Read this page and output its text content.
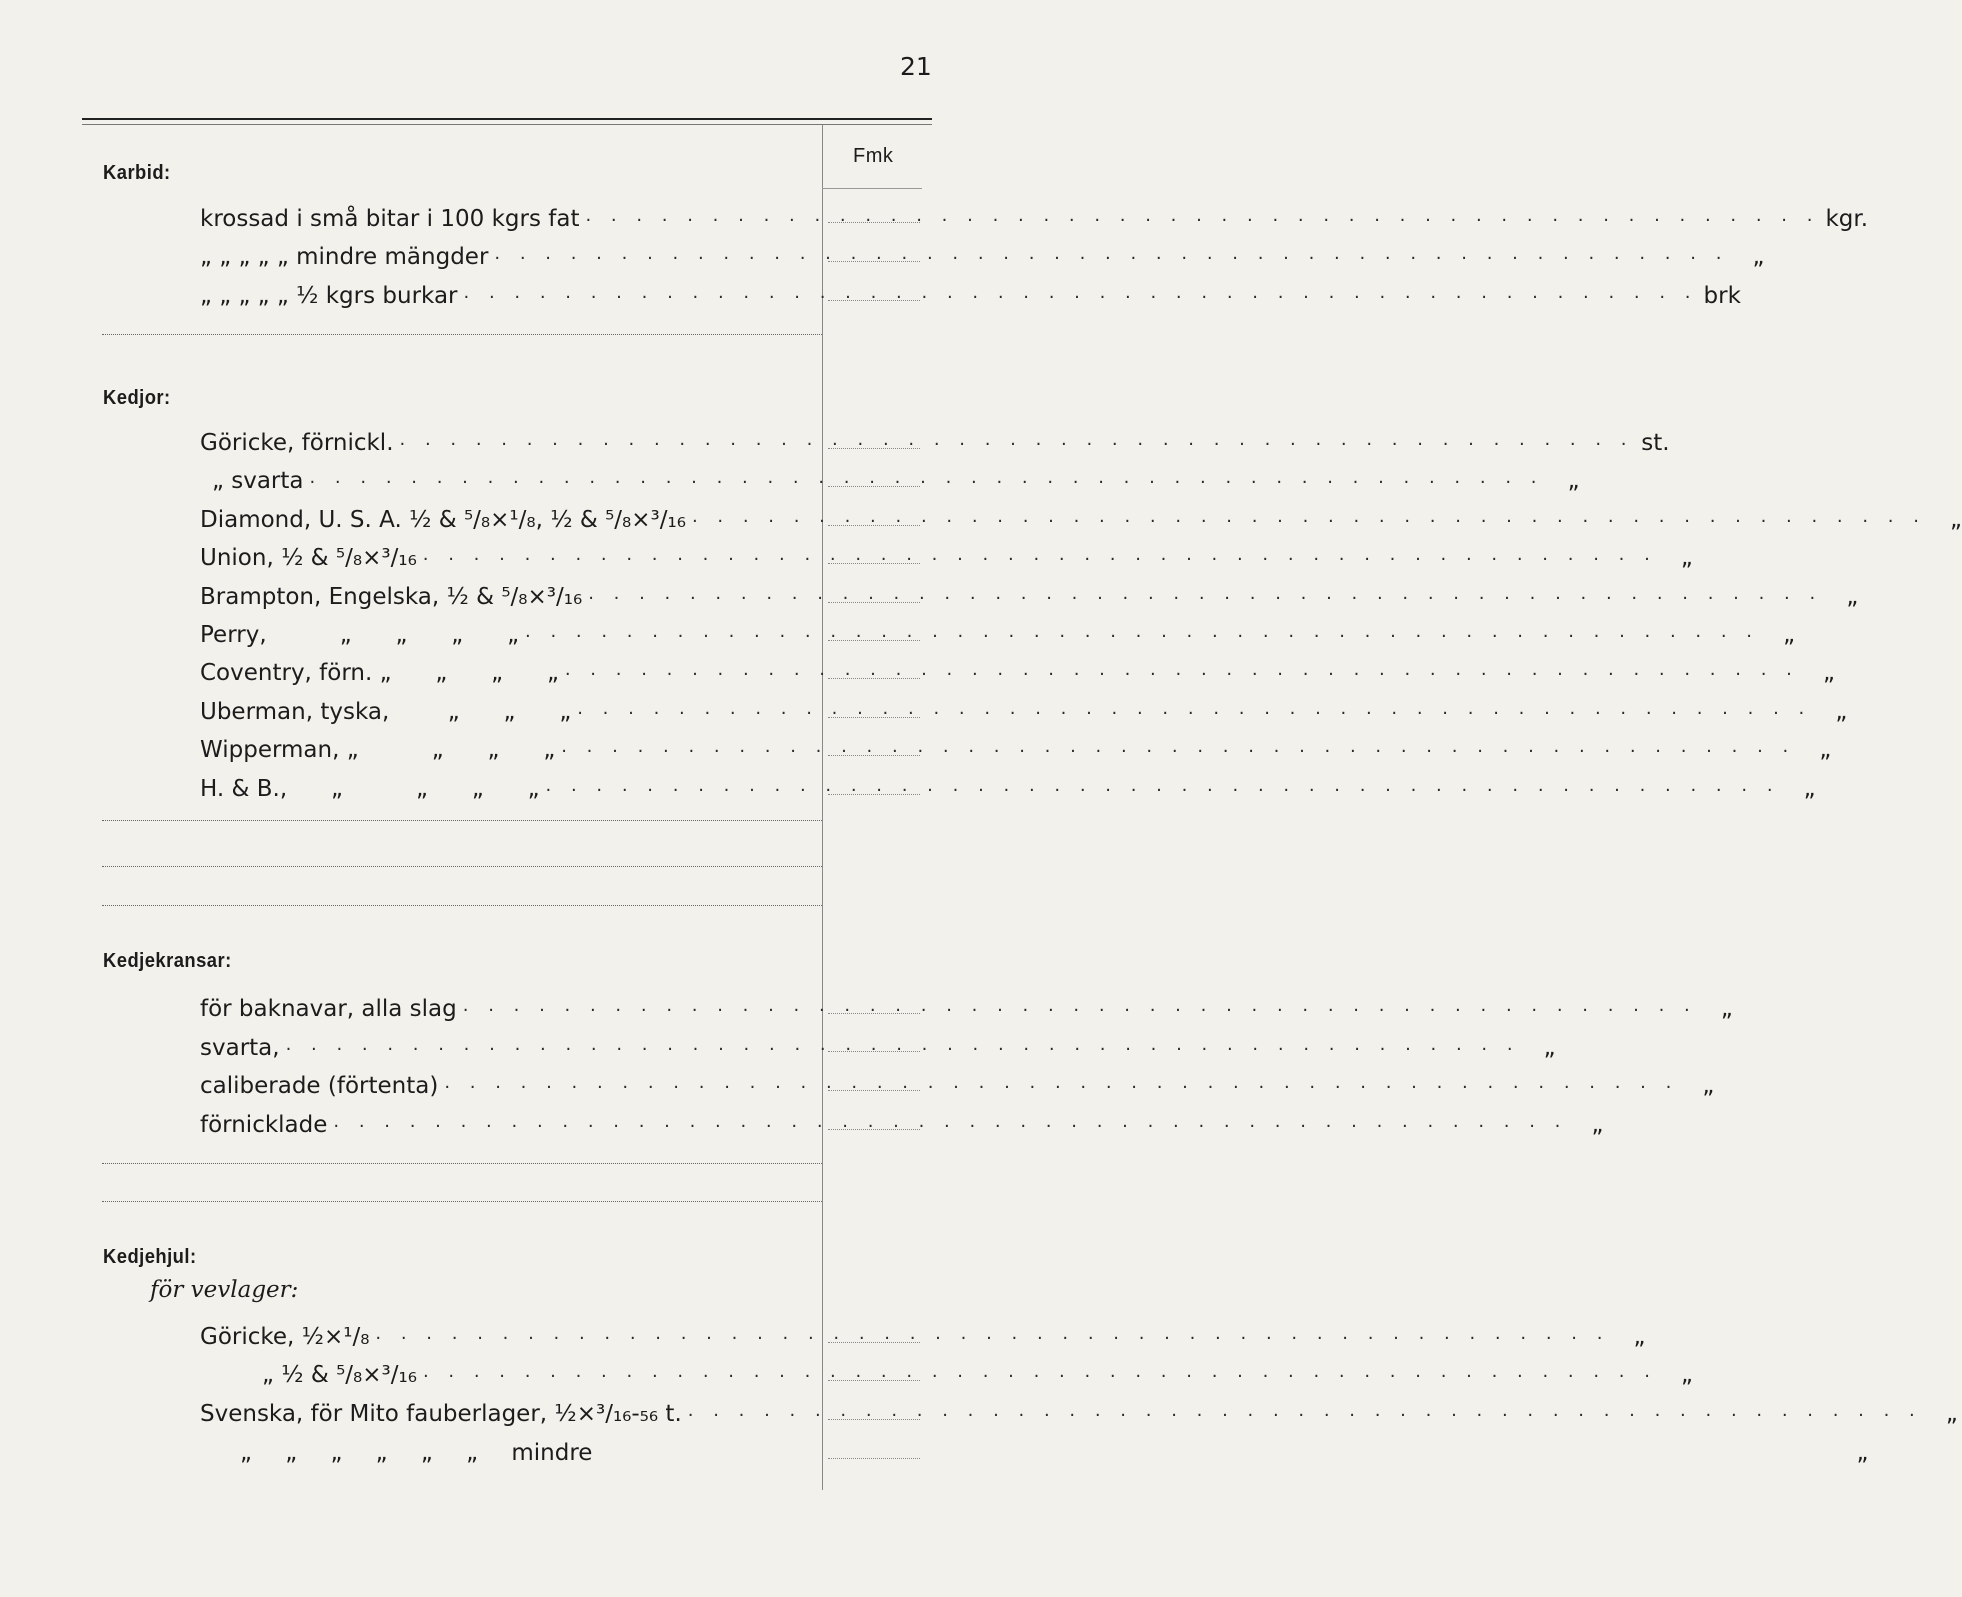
21
Fmk
Karbid:
krossad i små bitar i 100 kgrs fat . . . . . . . . . . . . . . . . . . . . . . . . . . . . . . . . . . . . . . . . . . . . . . . . . kgr.
„ „ „ „ „ mindre mängder . . . . . . . . . . . . . . . . . . . . . . . . . . . . . . . . . . . . . . . . . . . . . . . . .	„
„ „ „ „ „ ½ kgrs burkar . . . . . . . . . . . . . . . . . . . . . . . . . . . . . . . . . . . . . . . . . . . . . . . . . brk
Kedjor:
Göricke, förnickl. . . . . . . . . . . . . . . . . . . . . . . . . . . . . . . . . . . . . . . . . . . . . . . . . . st.
„ svarta . . . . . . . . . . . . . . . . . . . . . . . . . . . . . . . . . . . . . . . . . . . . . . . . .	„
Diamond, U. S. A. ½ & ⁵/₈×¹/₈, ½ & ⁵/₈×³/₁₆ . . . . . . . . . . . . . . . . . . . . . . . . . . . . . . . . . . . . . . . . . . . . . . . . .	„
Union, ½ & ⁵/₈×³/₁₆ . . . . . . . . . . . . . . . . . . . . . . . . . . . . . . . . . . . . . . . . . . . . . . . . .	„
Brampton, Engelska, ½ & ⁵/₈×³/₁₆ . . . . . . . . . . . . . . . . . . . . . . . . . . . . . . . . . . . . . . . . . . . . . . . . .	„
Perry,          „      „      „      „ . . . . . . . . . . . . . . . . . . . . . . . . . . . . . . . . . . . . . . . . . . . . . . . . .	„
Coventry, förn. „      „      „      „ . . . . . . . . . . . . . . . . . . . . . . . . . . . . . . . . . . . . . . . . . . . . . . . . .	„
Uberman, tyska,        „      „      „ . . . . . . . . . . . . . . . . . . . . . . . . . . . . . . . . . . . . . . . . . . . . . . . . .	„
Wipperman, „          „      „      „ . . . . . . . . . . . . . . . . . . . . . . . . . . . . . . . . . . . . . . . . . . . . . . . . .	„
H. & B.,      „          „      „      „ . . . . . . . . . . . . . . . . . . . . . . . . . . . . . . . . . . . . . . . . . . . . . . . . .	„
Kedjekransar:
för baknavar, alla slag . . . . . . . . . . . . . . . . . . . . . . . . . . . . . . . . . . . . . . . . . . . . . . . . .	„
svarta, . . . . . . . . . . . . . . . . . . . . . . . . . . . . . . . . . . . . . . . . . . . . . . . . .	„
caliberade (förtenta) . . . . . . . . . . . . . . . . . . . . . . . . . . . . . . . . . . . . . . . . . . . . . . . . .	„
förnicklade . . . . . . . . . . . . . . . . . . . . . . . . . . . . . . . . . . . . . . . . . . . . . . . . .	„
Kedjehjul:
för vevlager:
Göricke, ½×¹/₈ . . . . . . . . . . . . . . . . . . . . . . . . . . . . . . . . . . . . . . . . . . . . . . . . .	„
„ ½ & ⁵/₈×³/₁₆ . . . . . . . . . . . . . . . . . . . . . . . . . . . . . . . . . . . . . . . . . . . . . . . . .	„
Svenska, för Mito fauberlager, ½×³/₁₆-₅₆ t. . . . . . . . . . . . . . . . . . . . . . . . . . . . . . . . . . . . . . . . . . . . . . . . . .	„
„ „ „ „ „ „ mindre	„
